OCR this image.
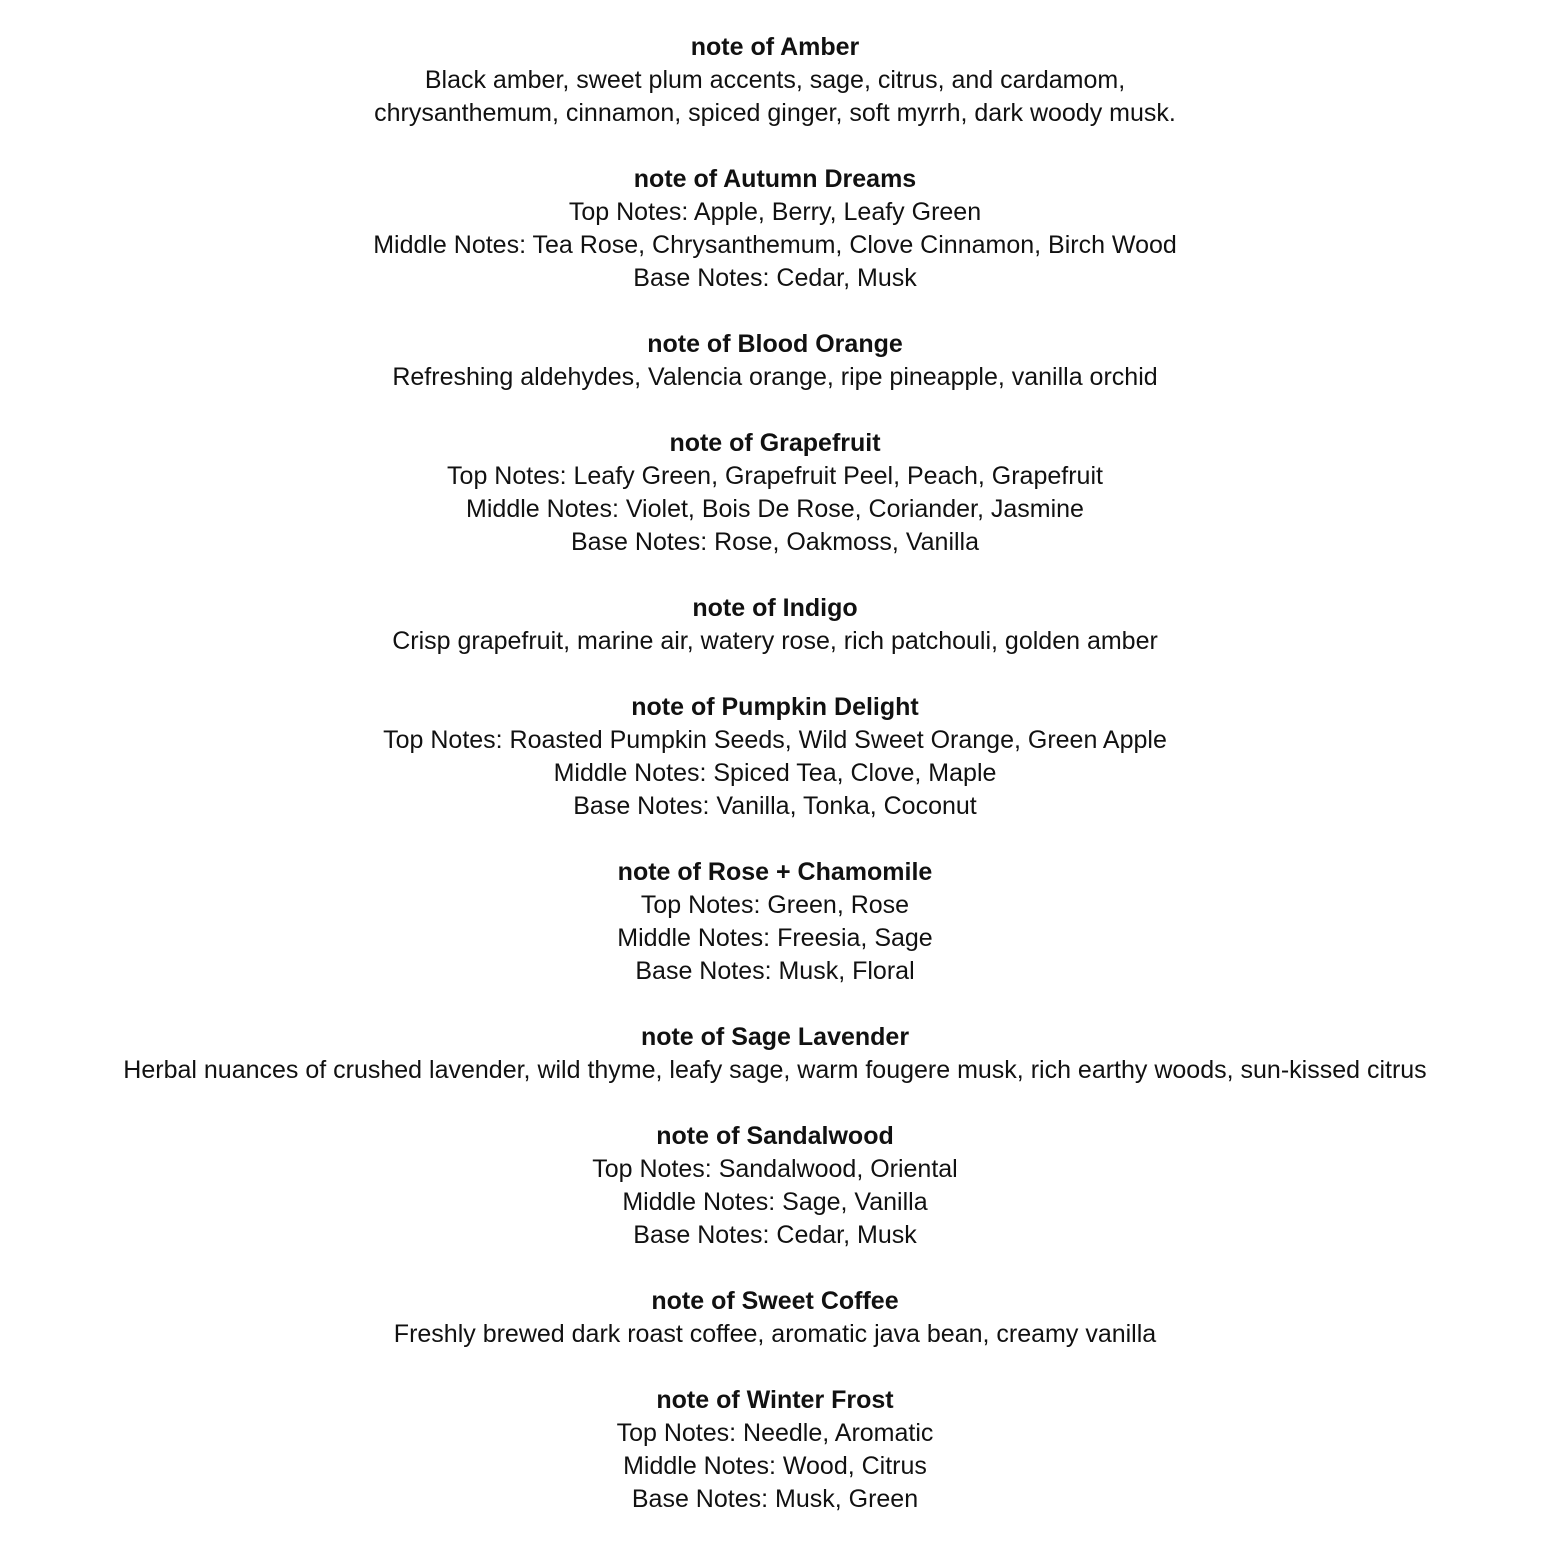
note of Amber

Black amber, sweet plum accents, sage, citrus, and cardamom,

chrysanthemum, cinnamon, spiced ginger, soft myrrh, dark woody musk.

note of Autumn Dreams

Top Notes: Apple, Berry, Leafy Green

Middle Notes: Tea Rose, Chrysanthemum, Clove Cinnamon, Birch Wood

Base Notes: Cedar, Musk

note of Blood Orange

Refreshing aldehydes, Valencia orange, ripe pineapple, vanilla orchid

note of Grapefruit

Top Notes: Leafy Green, Grapefruit Peel, Peach, Grapefruit

Middle Notes: Violet, Bois De Rose, Coriander, Jasmine

Base Notes: Rose, Oakmoss, Vanilla

note of Indigo

Crisp grapefruit, marine air, watery rose, rich patchouli, golden amber

note of Pumpkin Delight

Top Notes: Roasted Pumpkin Seeds, Wild Sweet Orange, Green Apple

Middle Notes: Spiced Tea, Clove, Maple

Base Notes: Vanilla, Tonka, Coconut

note of Rose + Chamomile

Top Notes: Green, Rose

Middle Notes: Freesia, Sage

Base Notes: Musk, Floral

note of Sage Lavender

Herbal nuances of crushed lavender, wild thyme, leafy sage, warm fougere musk, rich earthy woods, sun-kissed citrus

note of Sandalwood

Top Notes: Sandalwood, Oriental

Middle Notes: Sage, Vanilla

Base Notes: Cedar, Musk

note of Sweet Coffee

Freshly brewed dark roast coffee, aromatic java bean, creamy vanilla

note of Winter Frost

Top Notes: Needle, Aromatic

Middle Notes: Wood, Citrus

Base Notes: Musk, Green
